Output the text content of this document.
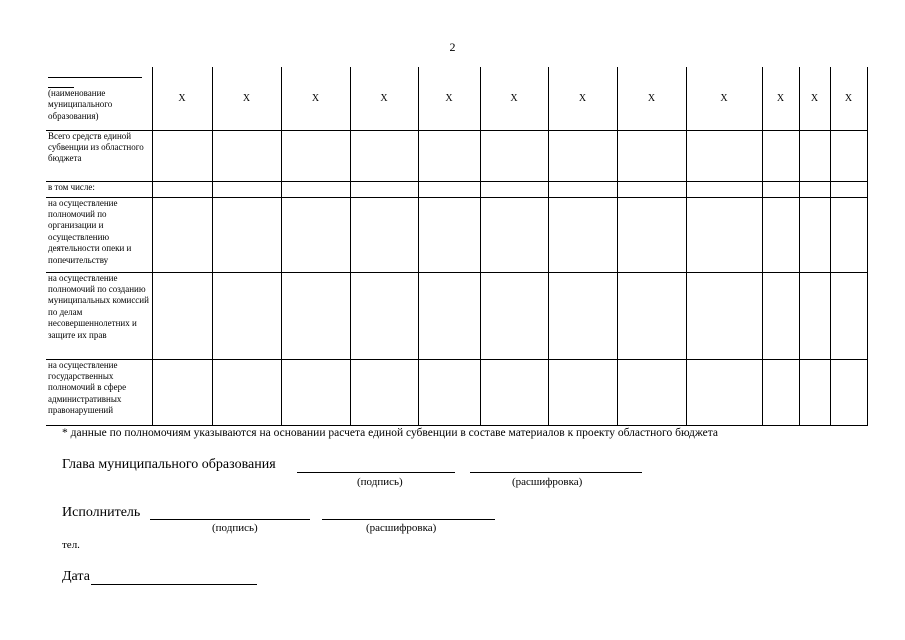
2
(наименование муниципального образования)	Х	Х	Х	Х	Х	Х	Х	Х	Х	Х	Х	Х
Всего средств единой субвенции из областного бюджета												
в том числе:												
на осуществление полномочий по организации и осуществлению деятельности опеки и попечительству												
на осуществление полномочий по созданию муниципальных комиссий по делам несовершеннолетних и защите их прав												
на осуществление государственных полномочий в сфере административных правонарушений												
* данные по полномочиям указываются на основании расчета единой субвенции в составе материалов к проекту областного бюджета
Глава муниципального образования
(подпись)	(расшифровка)
Исполнитель
(подпись)	(расшифровка)
тел.
Дата
